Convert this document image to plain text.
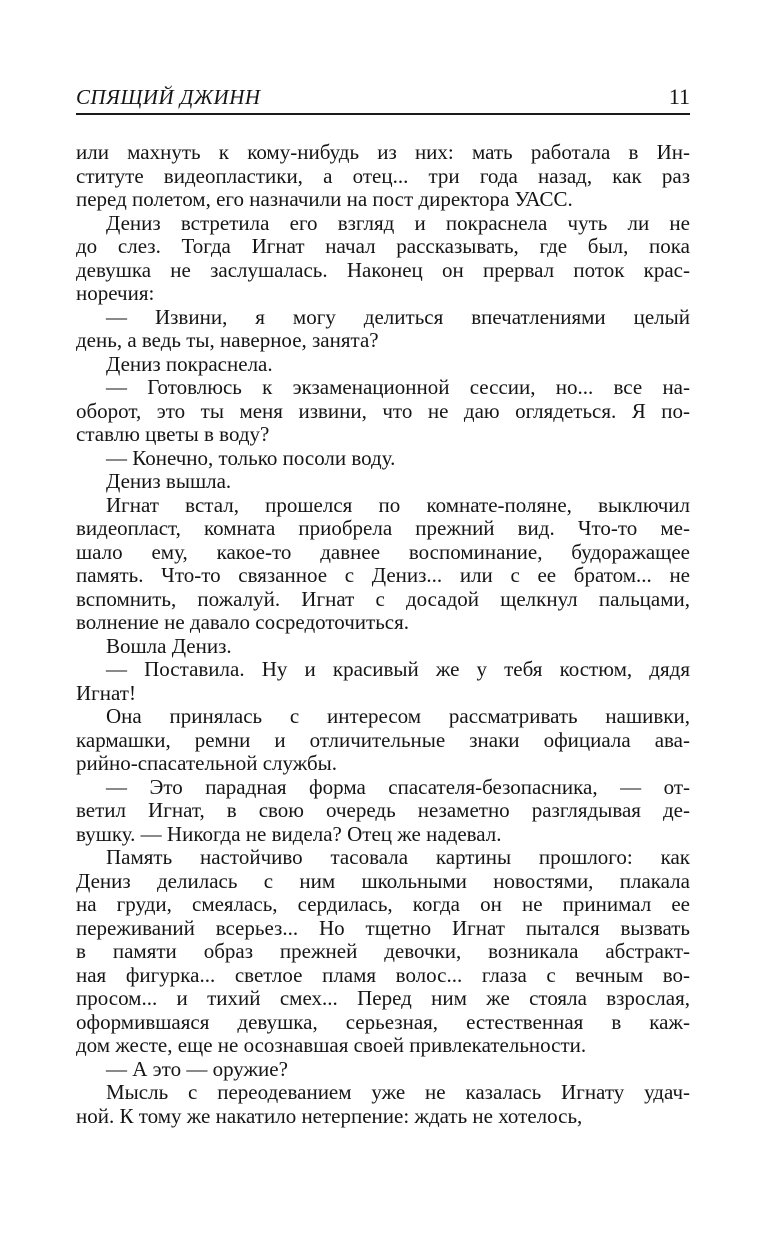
СПЯЩИЙ ДЖИНН	11
или махнуть к кому-нибудь из них: мать работала в Ин-
ституте видеопластики, а отец... три года назад, как раз
перед полетом, его назначили на пост директора УАСС.
Дениз встретила его взгляд и покраснела чуть ли не
до слез. Тогда Игнат начал рассказывать, где был, пока
девушка не заслушалась. Наконец он прервал поток крас-
норечия:
— Извини, я могу делиться впечатлениями целый
день, а ведь ты, наверное, занята?
Дениз покраснела.
— Готовлюсь к экзаменационной сессии, но... все на-
оборот, это ты меня извини, что не даю оглядеться. Я по-
ставлю цветы в воду?
— Конечно, только посоли воду.
Дениз вышла.
Игнат встал, прошелся по комнате-поляне, выключил
видеопласт, комната приобрела прежний вид. Что-то ме-
шало ему, какое-то давнее воспоминание, будоражащее
память. Что-то связанное с Дениз... или с ее братом... не
вспомнить, пожалуй. Игнат с досадой щелкнул пальцами,
волнение не давало сосредоточиться.
Вошла Дениз.
— Поставила. Ну и красивый же у тебя костюм, дядя
Игнат!
Она принялась с интересом рассматривать нашивки,
кармашки, ремни и отличительные знаки официала ава-
рийно-спасательной службы.
— Это парадная форма спасателя-безопасника, — от-
ветил Игнат, в свою очередь незаметно разглядывая де-
вушку. — Никогда не видела? Отец же надевал.
Память настойчиво тасовала картины прошлого: как
Дениз делилась с ним школьными новостями, плакала
на груди, смеялась, сердилась, когда он не принимал ее
переживаний всерьез... Но тщетно Игнат пытался вызвать
в памяти образ прежней девочки, возникала абстракт-
ная фигурка... светлое пламя волос... глаза с вечным во-
просом... и тихий смех... Перед ним же стояла взрослая,
оформившаяся девушка, серьезная, естественная в каж-
дом жесте, еще не осознавшая своей привлекательности.
— А это — оружие?
Мысль с переодеванием уже не казалась Игнату удач-
ной. К тому же накатило нетерпение: ждать не хотелось,
